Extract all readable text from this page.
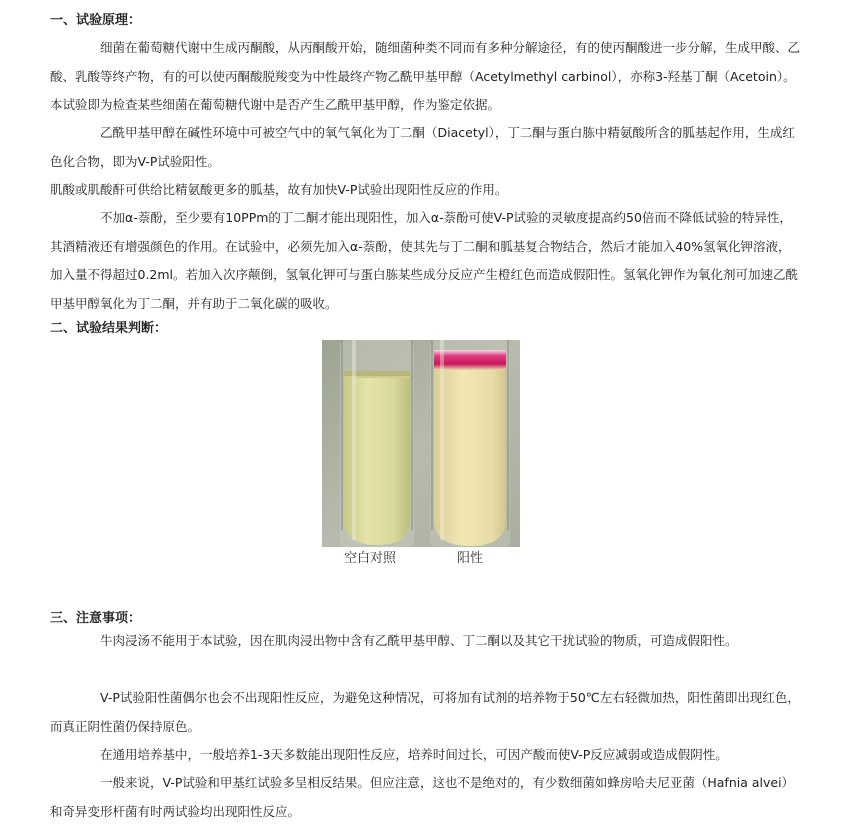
一、试验原理：

细菌在葡萄糖代谢中生成丙酮酸，从丙酮酸开始，随细菌种类不同而有多种分解途径，有的使丙酮酸进一步分解，生成甲酸、乙酸、乳酸等终产物，有的可以使丙酮酸脱羧变为中性最终产物乙酰甲基甲醇（Acetylmethyl carbinol），亦称3-羟基丁酮（Acetoin）。本试验即为检查某些细菌在葡萄糖代谢中是否产生乙酰甲基甲醇，作为鉴定依据。

乙酰甲基甲醇在碱性环境中可被空气中的氧气氧化为丁二酮（Diacetyl），丁二酮与蛋白胨中精氨酸所含的胍基起作用，生成红色化合物，即为V-P试验阳性。

肌酸或肌酸酐可供给比精氨酸更多的胍基，故有加快V-P试验出现阳性反应的作用。

不加α-萘酚，至少要有10PPm的丁二酮才能出现阳性，加入α-萘酚可使V-P试验的灵敏度提高约50倍而不降低试验的特异性，其酒精液还有增强颜色的作用。在试验中，必须先加入α-萘酚，使其先与丁二酮和胍基复合物结合，然后才能加入40%氢氧化钾溶液，加入量不得超过0.2ml。若加入次序颠倒，氢氧化钾可与蛋白胨某些成分反应产生橙红色而造成假阳性。氢氧化钾作为氧化剂可加速乙酰甲基甲醇氧化为丁二酮，并有助于二氧化碳的吸收。

二、试验结果判断：
空白对照	阳性
三、注意事项：

牛肉浸汤不能用于本试验，因在肌肉浸出物中含有乙酰甲基甲醇、丁二酮以及其它干扰试验的物质，可造成假阳性。

V-P试验阳性菌偶尔也会不出现阳性反应，为避免这种情况，可将加有试剂的培养物于50℃左右轻微加热，阳性菌即出现红色，而真正阴性菌仍保持原色。

在通用培养基中，一般培养1-3天多数能出现阳性反应，培养时间过长，可因产酸而使V-P反应减弱或造成假阴性。

一般来说，V-P试验和甲基红试验多呈相反结果。但应注意，这也不是绝对的，有少数细菌如蜂房哈夫尼亚菌（Hafnia alvei）和奇异变形杆菌有时两试验均出现阳性反应。
